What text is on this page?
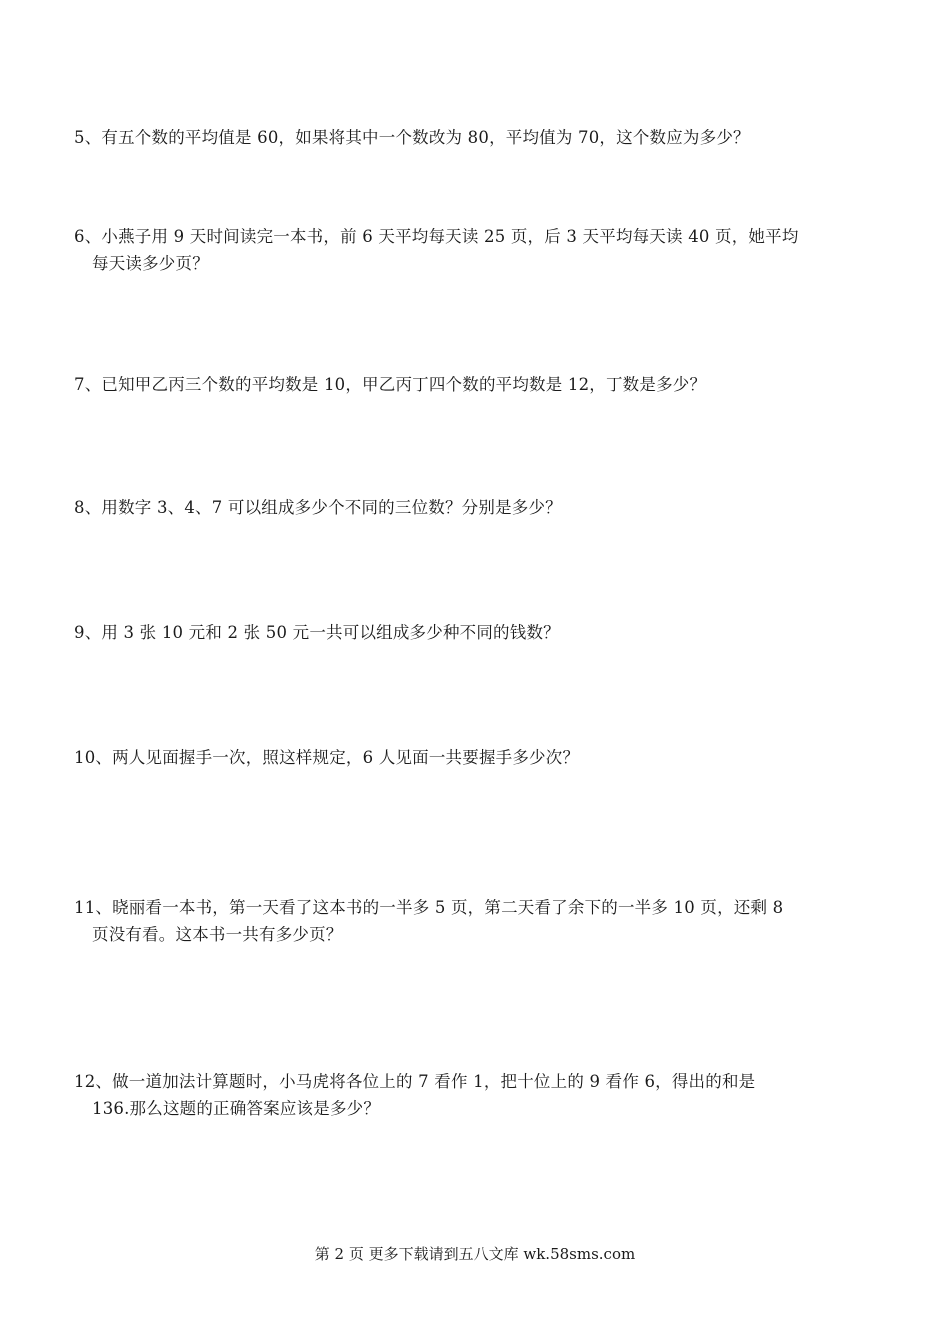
5、有五个数的平均值是 60，如果将其中一个数改为 80，平均值为 70，这个数应为多少？
6、小燕子用 9 天时间读完一本书，前 6 天平均每天读 25 页，后 3 天平均每天读 40 页，她平均
每天读多少页？
7、已知甲乙丙三个数的平均数是 10，甲乙丙丁四个数的平均数是 12，丁数是多少？
8、用数字 3、4、7 可以组成多少个不同的三位数？分别是多少？
9、用 3 张 10 元和 2 张 50 元一共可以组成多少种不同的钱数？
10、两人见面握手一次，照这样规定，6 人见面一共要握手多少次？
11、晓丽看一本书，第一天看了这本书的一半多 5 页，第二天看了余下的一半多 10 页，还剩 8
页没有看。这本书一共有多少页？
12、做一道加法计算题时，小马虎将各位上的 7 看作 1，把十位上的 9 看作 6，得出的和是
136.那么这题的正确答案应该是多少？
第 2 页 更多下载请到五八文库 wk.58sms.com
